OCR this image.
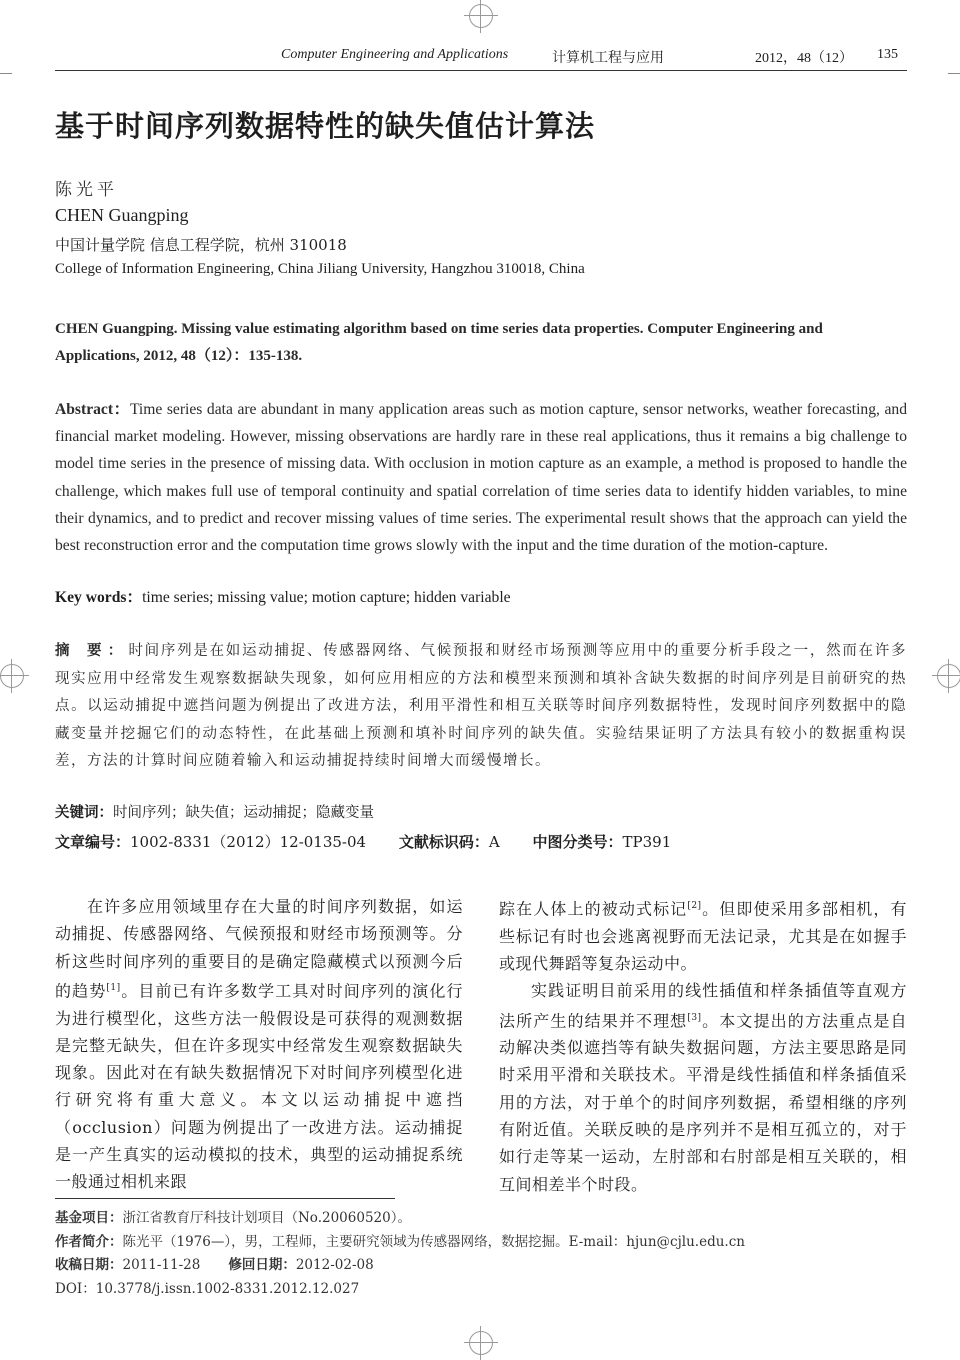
Computer Engineering and Applications	计算机工程与应用	2012，48（12） 135
基于时间序列数据特性的缺失值估计算法
陈光平
CHEN Guangping
中国计量学院 信息工程学院，杭州 310018
College of Information Engineering, China Jiliang University, Hangzhou 310018, China
CHEN Guangping. Missing value estimating algorithm based on time series data properties. Computer Engineering and Applications, 2012, 48（12）：135-138.
Abstract：Time series data are abundant in many application areas such as motion capture, sensor networks, weather forecasting, and financial market modeling. However, missing observations are hardly rare in these real applications, thus it remains a big challenge to model time series in the presence of missing data. With occlusion in motion capture as an example, a method is proposed to handle the challenge, which makes full use of temporal continuity and spatial correlation of time series data to identify hidden variables, to mine their dynamics, and to predict and recover missing values of time series. The experimental result shows that the approach can yield the best reconstruction error and the computation time grows slowly with the input and the time duration of the motion-capture.
Key words：time series; missing value; motion capture; hidden variable
摘 要：时间序列是在如运动捕捉、传感器网络、气候预报和财经市场预测等应用中的重要分析手段之一，然而在许多现实应用中经常发生观察数据缺失现象，如何应用相应的方法和模型来预测和填补含缺失数据的时间序列是目前研究的热点。以运动捕捉中遮挡问题为例提出了改进方法，利用平滑性和相互关联等时间序列数据特性，发现时间序列数据中的隐藏变量并挖掘它们的动态特性，在此基础上预测和填补时间序列的缺失值。实验结果证明了方法具有较小的数据重构误差，方法的计算时间应随着输入和运动捕捉持续时间增大而缓慢增长。
关键词：时间序列；缺失值；运动捕捉；隐藏变量
文章编号：1002-8331（2012）12-0135-04 文献标识码：A 中图分类号：TP391

在许多应用领域里存在大量的时间序列数据，如运动捕捉、传感器网络、气候预报和财经市场预测等。分析这些时间序列的重要目的是确定隐藏模式以预测今后的趋势[1]。目前已有许多数学工具对时间序列的演化行为进行模型化，这些方法一般假设是可获得的观测数据是完整无缺失，但在许多现实中经常发生观察数据缺失现象。因此对在有缺失数据情况下对时间序列模型化进行研究将有重大意义。本文以运动捕捉中遮挡（occlusion）问题为例提出了一改进方法。运动捕捉是一产生真实的运动模拟的技术，典型的运动捕捉系统一般通过相机来跟

踪在人体上的被动式标记[2]。但即使采用多部相机，有些标记有时也会逃离视野而无法记录，尤其是在如握手或现代舞蹈等复杂运动中。

实践证明目前采用的线性插值和样条插值等直观方法所产生的结果并不理想[3]。本文提出的方法重点是自动解决类似遮挡等有缺失数据问题，方法主要思路是同时采用平滑和关联技术。平滑是线性插值和样条插值采用的方法，对于单个的时间序列数据，希望相继的序列有附近值。关联反映的是序列并不是相互孤立的，对于如行走等某一运动，左肘部和右肘部是相互关联的，相互间相差半个时段。

基金项目：浙江省教育厅科技计划项目（No.20060520）。
作者简介：陈光平（1976—），男，工程师，主要研究领域为传感器网络，数据挖掘。E-mail：hjun@cjlu.edu.cn
收稿日期：2011-11-28 修回日期：2012-02-08
DOI：10.3778/j.issn.1002-8331.2012.12.027
